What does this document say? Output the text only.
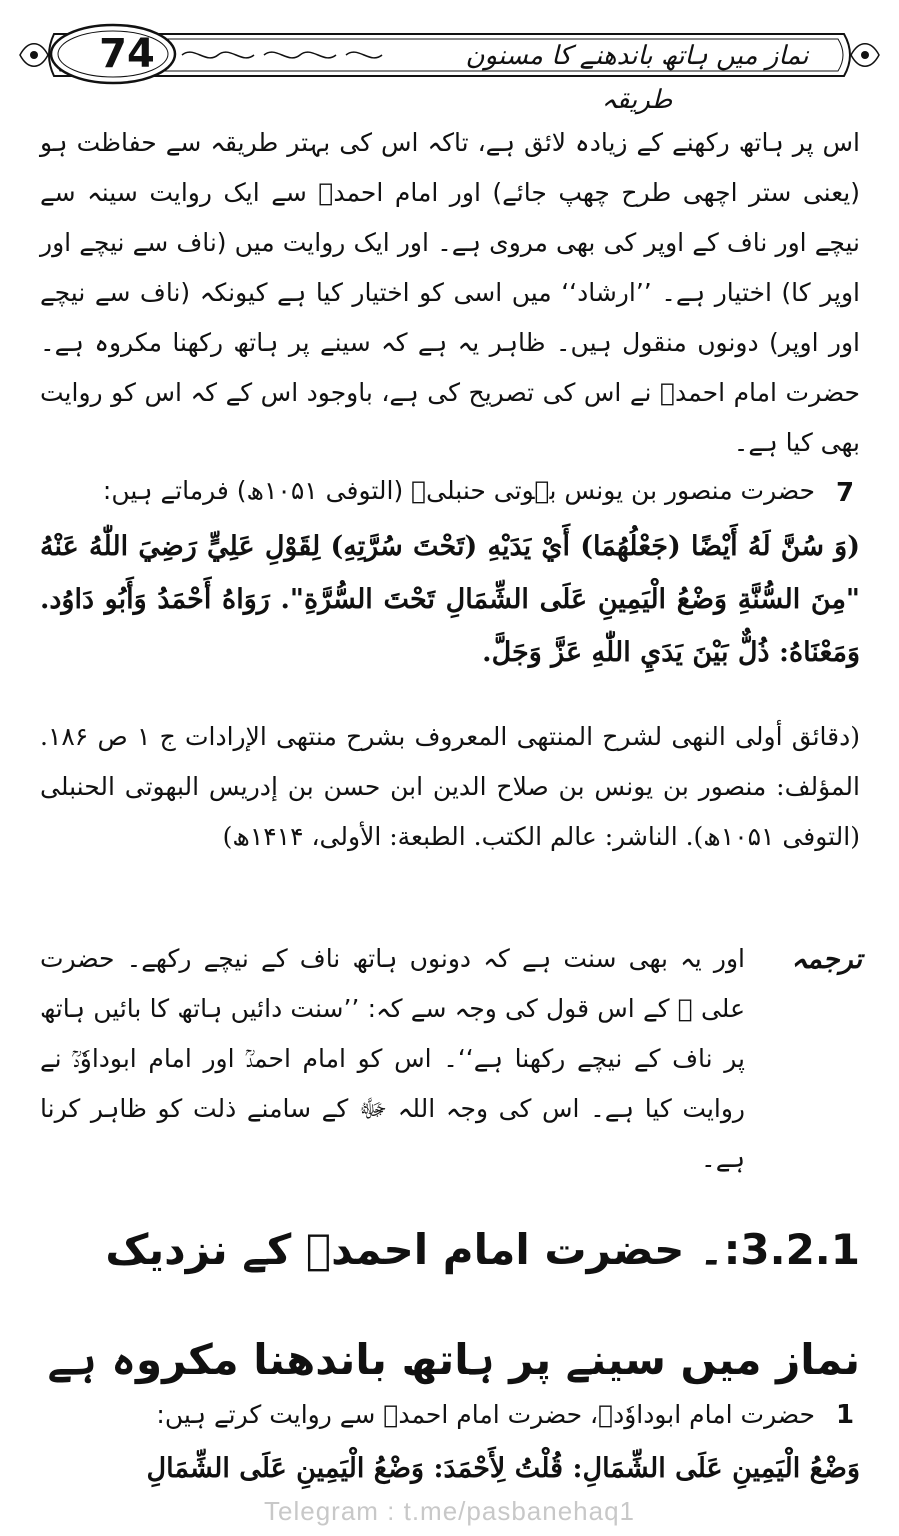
74	نماز میں ہاتھ باندھنے کا مسنون طریقہ

اس پر ہاتھ رکھنے کے زیادہ لائق ہے، تاکہ اس کی بہتر طریقہ سے حفاظت ہو (یعنی ستر اچھی طرح چھپ جائے) اور امام احمدؒ سے ایک روایت سینہ سے نیچے اور ناف کے اوپر کی بھی مروی ہے۔ اور ایک روایت میں (ناف سے نیچے اور اوپر کا) اختیار ہے۔ ’’ارشاد‘‘ میں اسی کو اختیار کیا ہے کیونکہ (ناف سے نیچے اور اوپر) دونوں منقول ہیں۔ ظاہر یہ ہے کہ سینے پر ہاتھ رکھنا مکروہ ہے۔ حضرت امام احمدؒ نے اس کی تصریح کی ہے، باوجود اس کے کہ اس کو روایت بھی کیا ہے۔

7

حضرت منصور بن یونس بہوتی حنبلیؒ (التوفی ۱۰۵۱ھ) فرماتے ہیں:

(وَ سُنَّ لَهُ أَيْضًا (جَعْلُهُمَا) أَيْ يَدَيْهِ (تَحْتَ سُرَّتِهِ) لِقَوْلِ عَلِيٍّ رَضِيَ اللّٰهُ عَنْهُ "مِنَ السُّنَّةِ وَضْعُ الْيَمِينِ عَلَى الشِّمَالِ تَحْتَ السُّرَّةِ". رَوَاهُ أَحْمَدُ وَأَبُو دَاوُد. وَمَعْنَاهُ: ذُلٌّ بَيْنَ يَدَيِ اللّٰهِ عَزَّ وَجَلَّ.

(دقائق أولى النهى لشرح المنتهى المعروف بشرح منتهى الإرادات ج ۱ ص ۱۸۶. المؤلف: منصور بن يونس بن صلاح الدين ابن حسن بن إدريس البهوتى الحنبلى (التوفى ۱۰۵۱ھ). الناشر: عالم الكتب. الطبعة: الأولى، ۱۴۱۴ھ)

ترجمہ

اور یہ بھی سنت ہے کہ دونوں ہاتھ ناف کے نیچے رکھے۔ حضرت علی ﷛ کے اس قول کی وجہ سے کہ: ’’سنت دائیں ہاتھ کا بائیں ہاتھ پر ناف کے نیچے رکھنا ہے‘‘۔ اس کو امام احمدؒ اور امام ابوداوٗدؒ نے روایت کیا ہے۔ اس کی وجہ اللہ ﷻ کے سامنے ذلت کو ظاہر کرنا ہے۔

3.2.1:۔ حضرت امام احمدؒ کے نزدیک نماز میں سینے پر ہاتھ باندھنا مکروہ ہے
1

حضرت امام ابوداوٗدؒ، حضرت امام احمدؒ سے روایت کرتے ہیں:

وَضْعُ الْيَمِينِ عَلَى الشِّمَالِ: قُلْتُ لِأَحْمَدَ: وَضْعُ الْيَمِينِ عَلَى الشِّمَالِ

Telegram : t.me/pasbanehaq1
